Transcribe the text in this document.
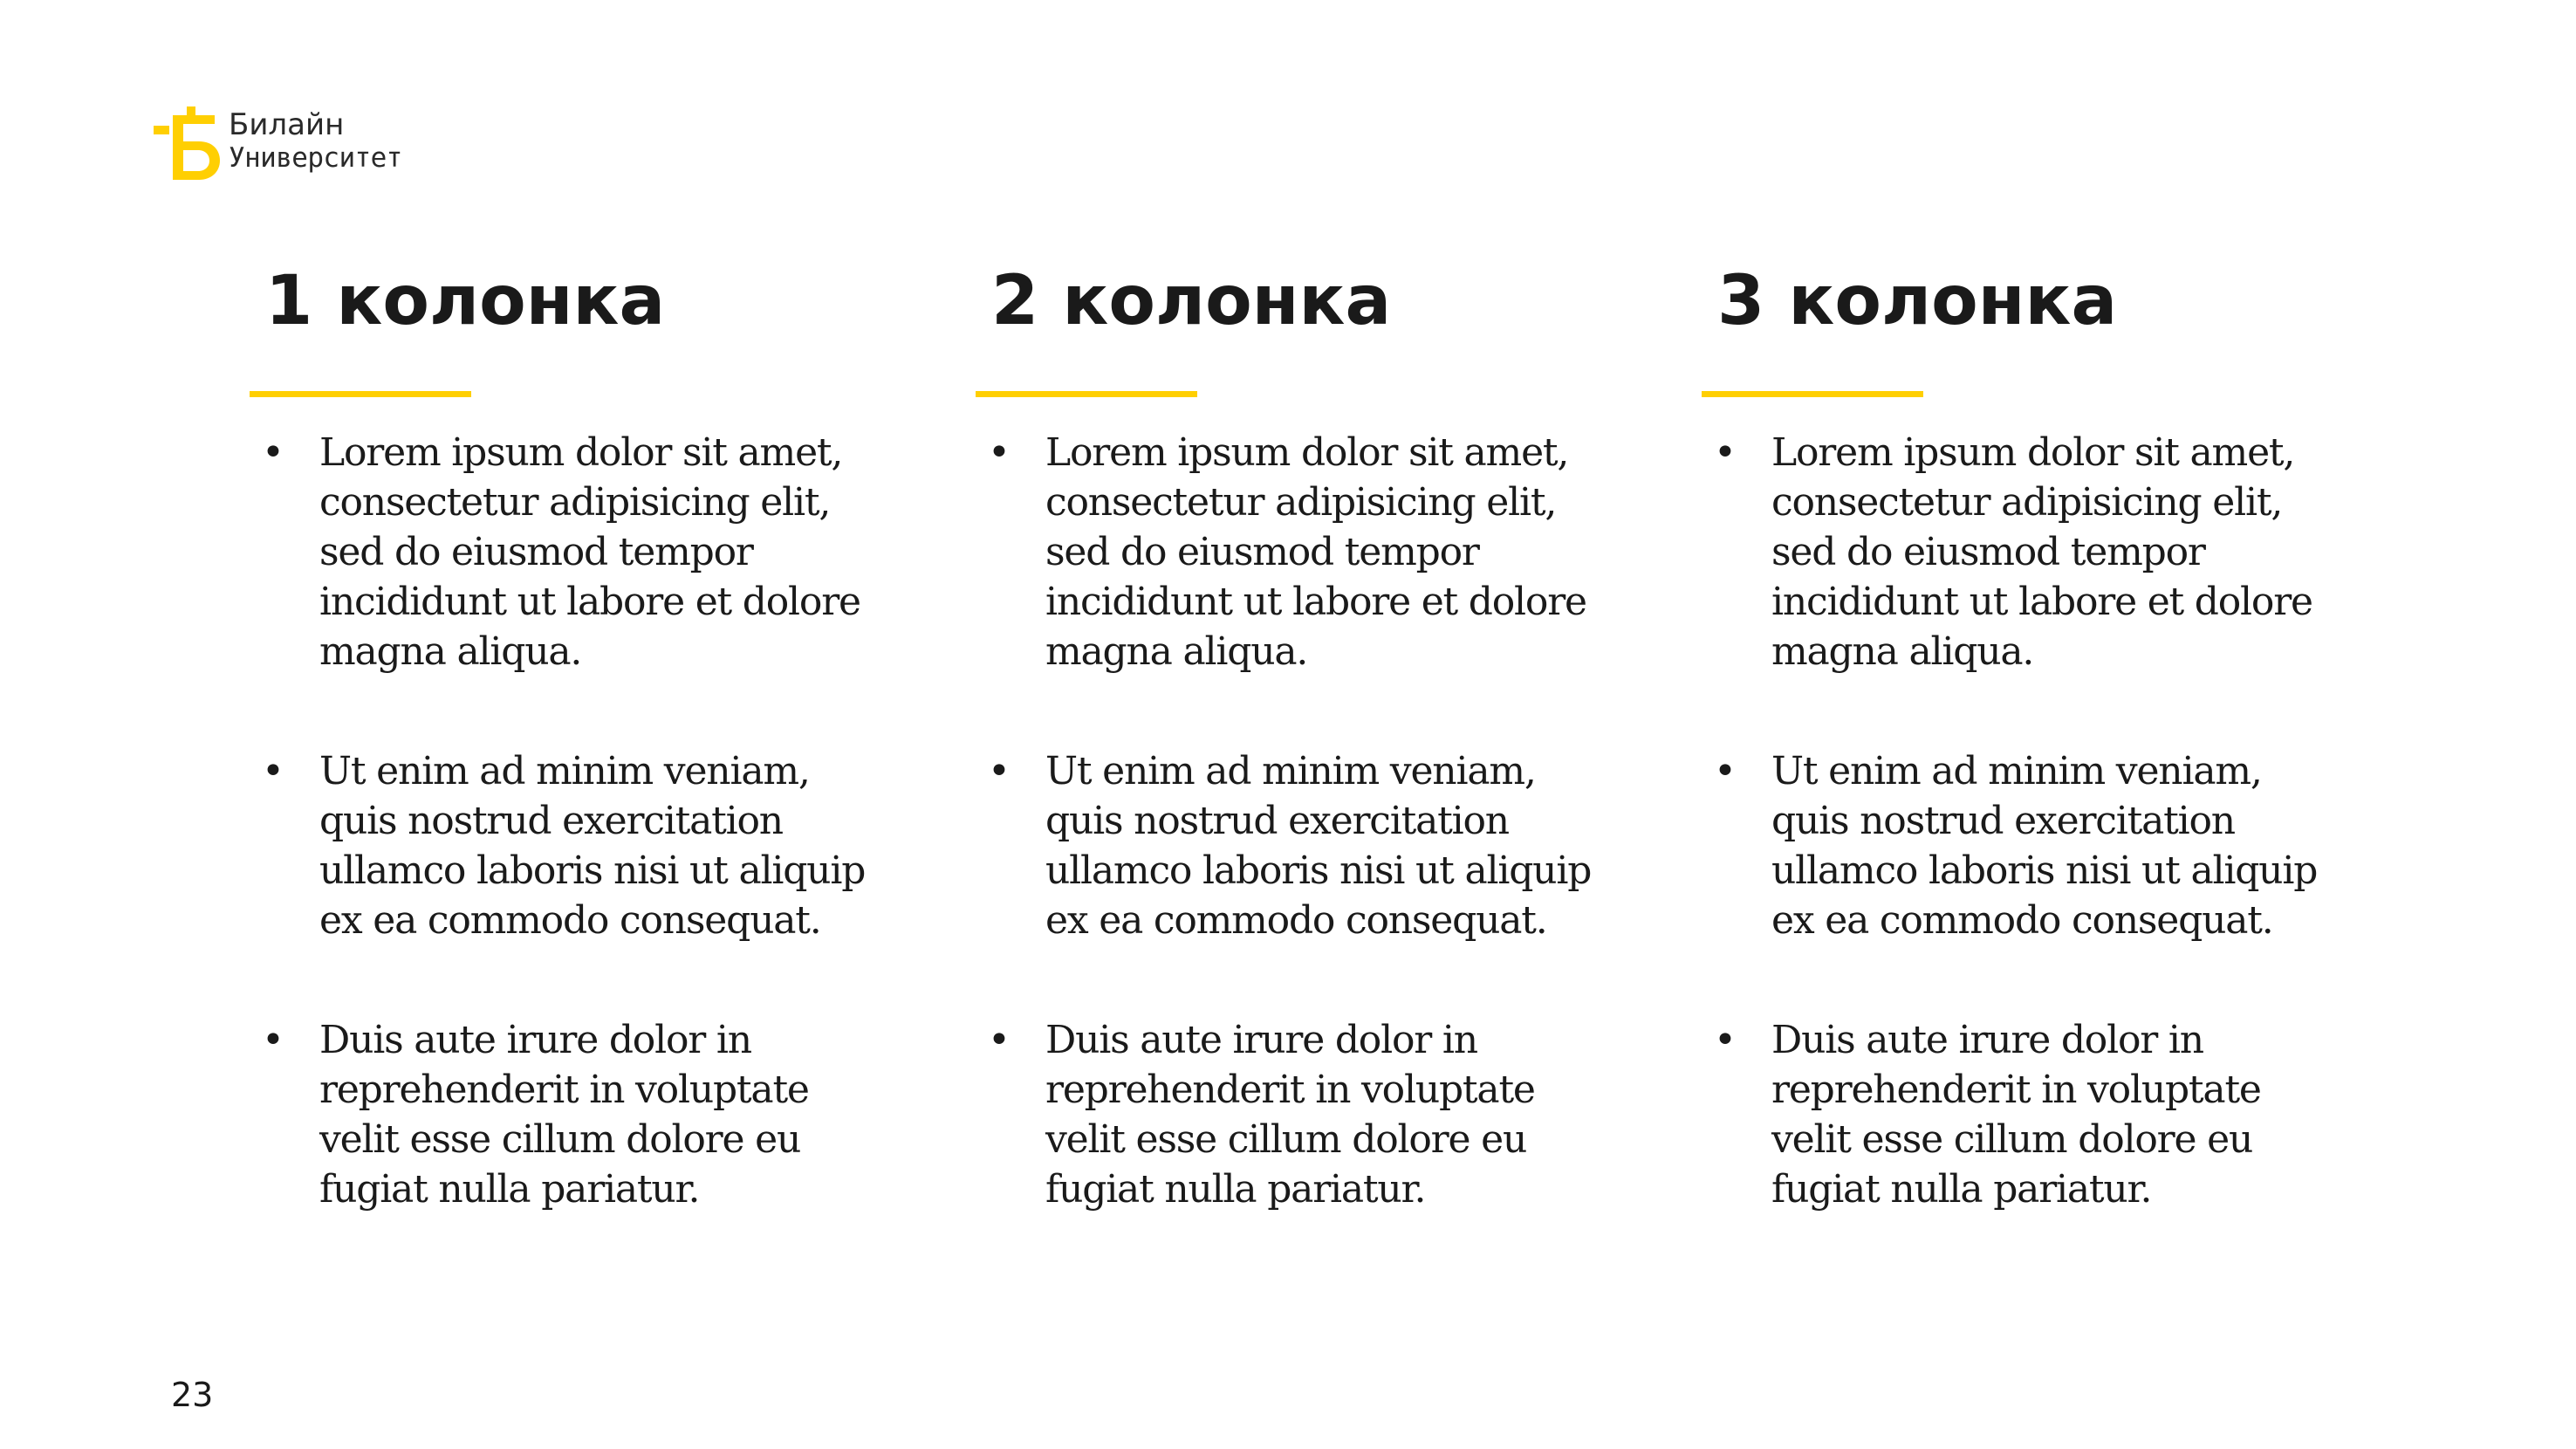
Билайн
Университет
1 колонка
• Lorem ipsum dolor sit amet, consectetur adipisicing elit, sed do eiusmod tempor incididunt ut labore et dolore magna aliqua.
• Ut enim ad minim veniam, quis nostrud exercitation ullamco laboris nisi ut aliquip ex ea commodo consequat.
• Duis aute irure dolor in reprehenderit in voluptate velit esse cillum dolore eu fugiat nulla pariatur.
2 колонка
• Lorem ipsum dolor sit amet, consectetur adipisicing elit, sed do eiusmod tempor incididunt ut labore et dolore magna aliqua.
• Ut enim ad minim veniam, quis nostrud exercitation ullamco laboris nisi ut aliquip ex ea commodo consequat.
• Duis aute irure dolor in reprehenderit in voluptate velit esse cillum dolore eu fugiat nulla pariatur.
3 колонка
• Lorem ipsum dolor sit amet, consectetur adipisicing elit, sed do eiusmod tempor incididunt ut labore et dolore magna aliqua.
• Ut enim ad minim veniam, quis nostrud exercitation ullamco laboris nisi ut aliquip ex ea commodo consequat.
• Duis aute irure dolor in reprehenderit in voluptate velit esse cillum dolore eu fugiat nulla pariatur.
23
